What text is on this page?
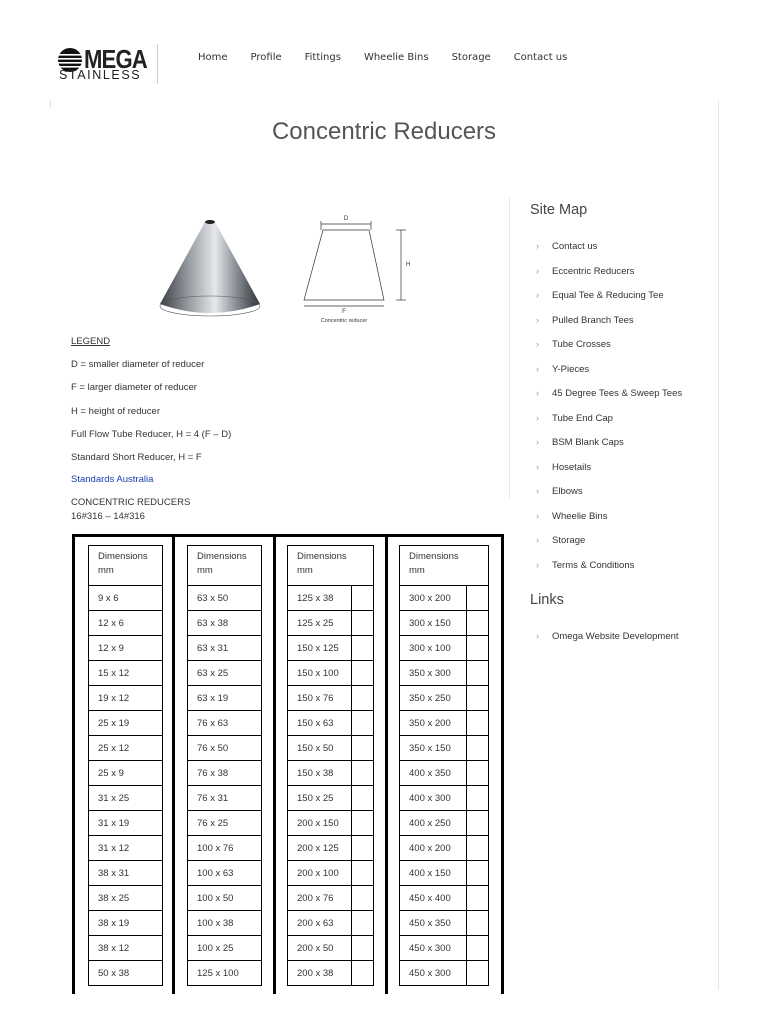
MEGA
STAINLESS
Home Profile Fittings Wheelie Bins Storage Contact us
Concentric Reducers
D
H
F
Concentric reducer
LEGEND
D = smaller diameter of reducer
F = larger diameter of reducer
H = height of reducer
Full Flow Tube Reducer, H = 4 (F – D)
Standard Short Reducer, H = F
Standards Australia
CONCENTRIC REDUCERS
16#316 – 14#316
Dimensions
mm
9 x 6
12 x 6
12 x 9
15 x 12
19 x 12
25 x 19
25 x 12
25 x 9
31 x 25
31 x 19
31 x 12
38 x 31
38 x 25
38 x 19
38 x 12
50 x 38
Dimensions
mm
63 x 50
63 x 38
63 x 31
63 x 25
63 x 19
76 x 63
76 x 50
76 x 38
76 x 31
76 x 25
100 x 76
100 x 63
100 x 50
100 x 38
100 x 25
125 x 100
Dimensions
mm	
125 x 38	
125 x 25	
150 x 125	
150 x 100	
150 x 76	
150 x 63	
150 x 50	
150 x 38	
150 x 25	
200 x 150	
200 x 125	
200 x 100	
200 x 76	
200 x 63	
200 x 50	
200 x 38	
Dimensions
mm	
300 x 200	
300 x 150	
300 x 100	
350 x 300	
350 x 250	
350 x 200	
350 x 150	
400 x 350	
400 x 300	
400 x 250	
400 x 200	
400 x 150	
450 x 400	
450 x 350	
450 x 300	
450 x 300	
Site Map
› Contact us
› Eccentric Reducers
› Equal Tee & Reducing Tee
› Pulled Branch Tees
› Tube Crosses
› Y-Pieces
› 45 Degree Tees & Sweep Tees
› Tube End Cap
› BSM Blank Caps
› Hosetails
› Elbows
› Wheelie Bins
› Storage
› Terms & Conditions
Links
› Omega Website Development
